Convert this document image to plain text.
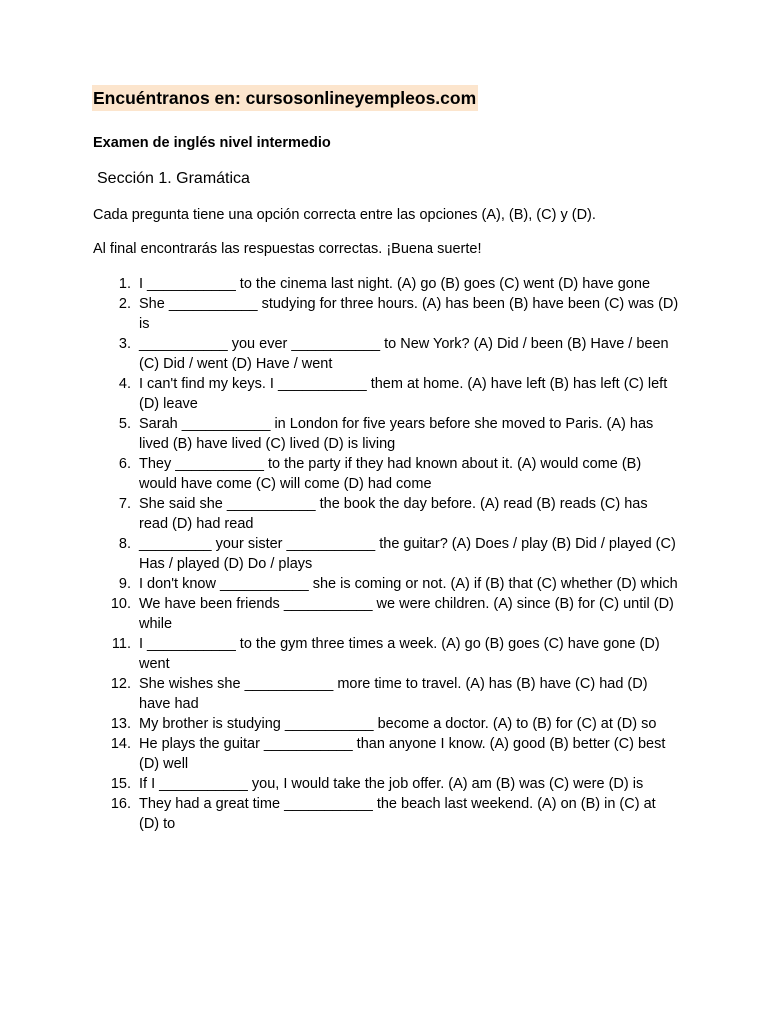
Encuéntranos en: cursosonlineyempleos.com
Examen de inglés nivel intermedio
Sección 1. Gramática
Cada pregunta tiene una opción correcta entre las opciones (A), (B), (C) y (D).
Al final encontrarás las respuestas correctas. ¡Buena suerte!
1. I ___________ to the cinema last night. (A) go (B) goes (C) went (D) have gone
2. She ___________ studying for three hours. (A) has been (B) have been (C) was (D) is
3. ___________ you ever ___________ to New York? (A) Did / been (B) Have / been (C) Did / went (D) Have / went
4. I can't find my keys. I ___________ them at home. (A) have left (B) has left (C) left (D) leave
5. Sarah ___________ in London for five years before she moved to Paris. (A) has lived (B) have lived (C) lived (D) is living
6. They ___________ to the party if they had known about it. (A) would come (B) would have come (C) will come (D) had come
7. She said she ___________ the book the day before. (A) read (B) reads (C) has read (D) had read
8. _________ your sister ___________ the guitar? (A) Does / play (B) Did / played (C) Has / played (D) Do / plays
9. I don't know ___________ she is coming or not. (A) if (B) that (C) whether (D) which
10. We have been friends ___________ we were children. (A) since (B) for (C) until (D) while
11. I ___________ to the gym three times a week. (A) go (B) goes (C) have gone (D) went
12. She wishes she ___________ more time to travel. (A) has (B) have (C) had (D) have had
13. My brother is studying ___________ become a doctor. (A) to (B) for (C) at (D) so
14. He plays the guitar ___________ than anyone I know. (A) good (B) better (C) best (D) well
15. If I ___________ you, I would take the job offer. (A) am (B) was (C) were (D) is
16. They had a great time ___________ the beach last weekend. (A) on (B) in (C) at (D) to
